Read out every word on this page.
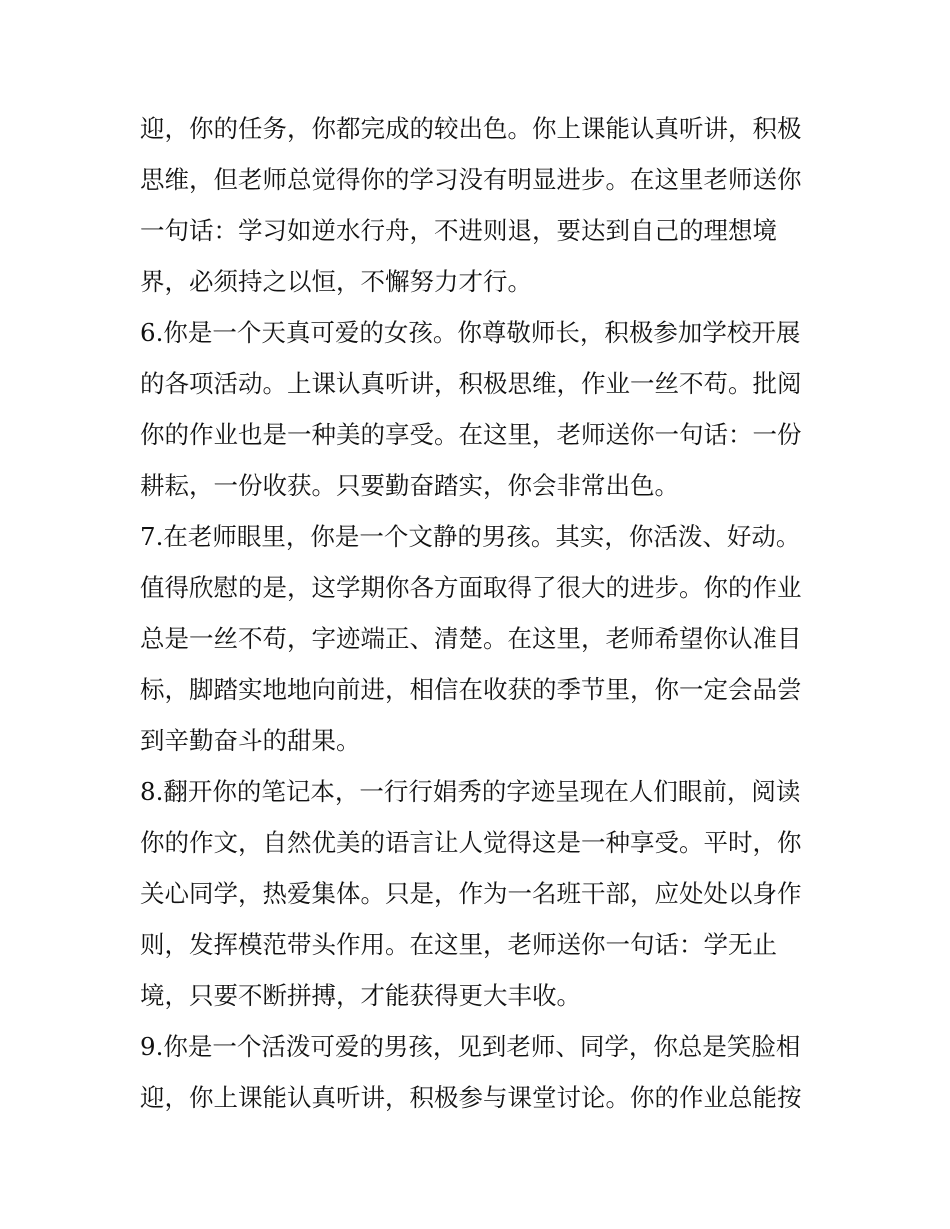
迎，你的任务，你都完成的较出色。你上课能认真听讲，积极
思维，但老师总觉得你的学习没有明显进步。在这里老师送你
一句话：学习如逆水行舟，不进则退，要达到自己的理想境
界，必须持之以恒，不懈努力才行。
6.你是一个天真可爱的女孩。你尊敬师长，积极参加学校开展
的各项活动。上课认真听讲，积极思维，作业一丝不苟。批阅
你的作业也是一种美的享受。在这里，老师送你一句话：一份
耕耘，一份收获。只要勤奋踏实，你会非常出色。
7.在老师眼里，你是一个文静的男孩。其实，你活泼、好动。
值得欣慰的是，这学期你各方面取得了很大的进步。你的作业
总是一丝不苟，字迹端正、清楚。在这里，老师希望你认准目
标，脚踏实地地向前进，相信在收获的季节里，你一定会品尝
到辛勤奋斗的甜果。
8.翻开你的笔记本，一行行娟秀的字迹呈现在人们眼前，阅读
你的作文，自然优美的语言让人觉得这是一种享受。平时，你
关心同学，热爱集体。只是，作为一名班干部，应处处以身作
则，发挥模范带头作用。在这里，老师送你一句话：学无止
境，只要不断拼搏，才能获得更大丰收。
9.你是一个活泼可爱的男孩，见到老师、同学，你总是笑脸相
迎，你上课能认真听讲，积极参与课堂讨论。你的作业总能按
